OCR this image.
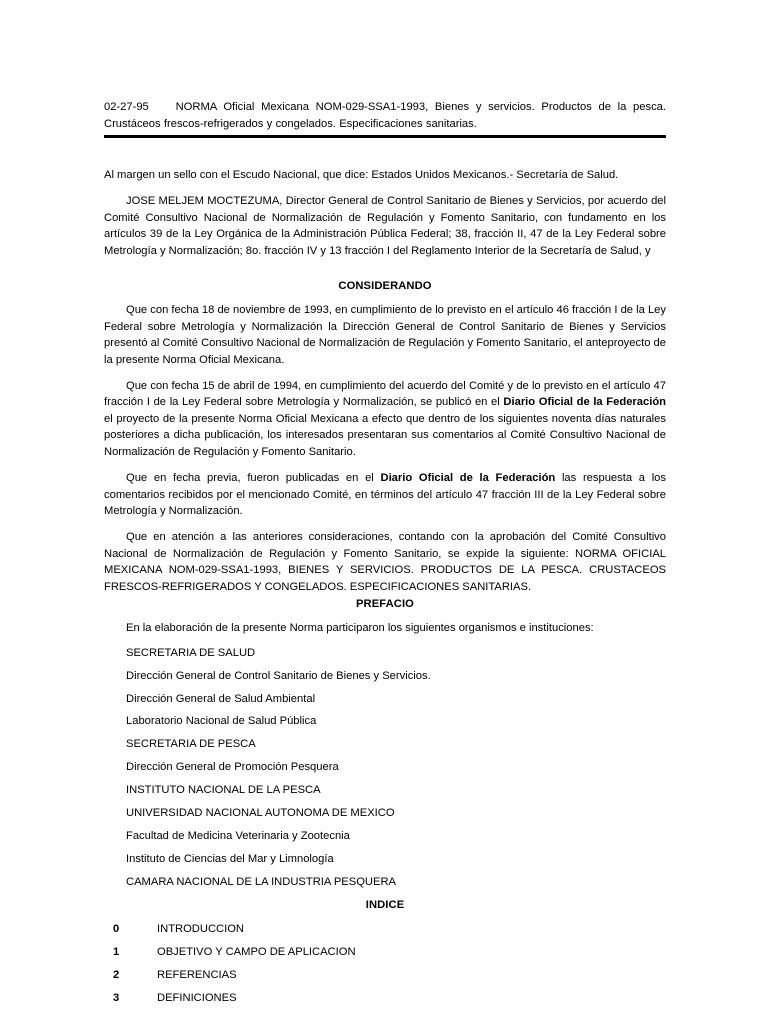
02-27-95 NORMA Oficial Mexicana NOM-029-SSA1-1993, Bienes y servicios. Productos de la pesca. Crustáceos frescos-refrigerados y congelados. Especificaciones sanitarias.

Al margen un sello con el Escudo Nacional, que dice: Estados Unidos Mexicanos.- Secretaría de Salud.

JOSE MELJEM MOCTEZUMA, Director General de Control Sanitario de Bienes y Servicios, por acuerdo del Comité Consultivo Nacional de Normalización de Regulación y Fomento Sanitario, con fundamento en los artículos 39 de la Ley Orgánica de la Administración Pública Federal; 38, fracción II, 47 de la Ley Federal sobre Metrología y Normalización; 8o. fracción IV y 13 fracción I del Reglamento Interior de la Secretaría de Salud, y

CONSIDERANDO

Que con fecha 18 de noviembre de 1993, en cumplimiento de lo previsto en el artículo 46 fracción I de la Ley Federal sobre Metrología y Normalización la Dirección General de Control Sanitario de Bienes y Servicios presentó al Comité Consultivo Nacional de Normalización de Regulación y Fomento Sanitario, el anteproyecto de la presente Norma Oficial Mexicana.

Que con fecha 15 de abril de 1994, en cumplimiento del acuerdo del Comité y de lo previsto en el artículo 47 fracción I de la Ley Federal sobre Metrología y Normalización, se publicó en el Diario Oficial de la Federación el proyecto de la presente Norma Oficial Mexicana a efecto que dentro de los siguientes noventa días naturales posteriores a dicha publicación, los interesados presentaran sus comentarios al Comité Consultivo Nacional de Normalización de Regulación y Fomento Sanitario.

Que en fecha previa, fueron publicadas en el Diario Oficial de la Federación las respuesta a los comentarios recibidos por el mencionado Comité, en términos del artículo 47 fracción III de la Ley Federal sobre Metrología y Normalización.

Que en atención a las anteriores consideraciones, contando con la aprobación del Comité Consultivo Nacional de Normalización de Regulación y Fomento Sanitario, se expide la siguiente: NORMA OFICIAL MEXICANA NOM-029-SSA1-1993, BIENES Y SERVICIOS. PRODUCTOS DE LA PESCA. CRUSTACEOS FRESCOS-REFRIGERADOS Y CONGELADOS. ESPECIFICACIONES SANITARIAS.

PREFACIO

En la elaboración de la presente Norma participaron los siguientes organismos e instituciones:

SECRETARIA DE SALUD
Dirección General de Control Sanitario de Bienes y Servicios.
Dirección General de Salud Ambiental
Laboratorio Nacional de Salud Pública
SECRETARIA DE PESCA
Dirección General de Promoción Pesquera
INSTITUTO NACIONAL DE LA PESCA
UNIVERSIDAD NACIONAL AUTONOMA DE MEXICO
Facultad de Medicina Veterinaria y Zootecnia
Instituto de Ciencias del Mar y Limnología
CAMARA NACIONAL DE LA INDUSTRIA PESQUERA
INDICE
0	INTRODUCCION
1	OBJETIVO Y CAMPO DE APLICACION
2	REFERENCIAS
3	DEFINICIONES
